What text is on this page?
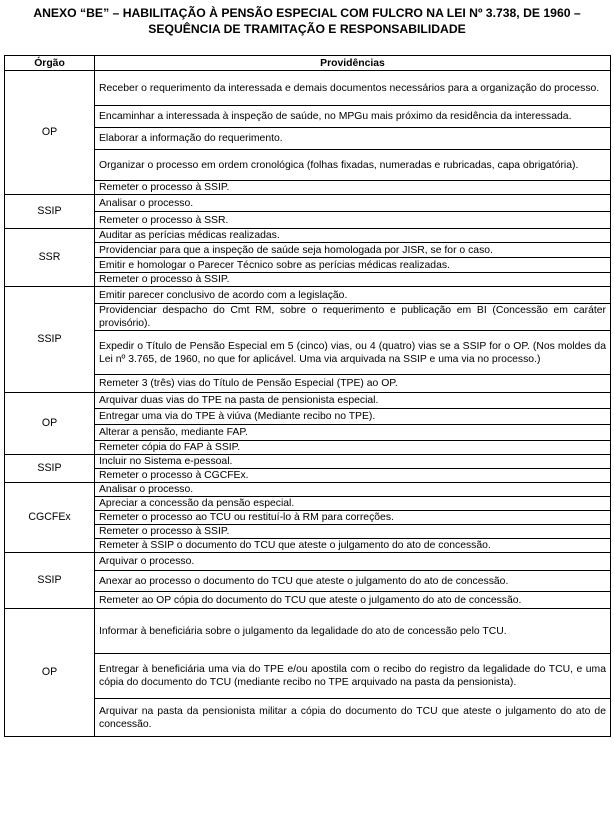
ANEXO “BE” – HABILITAÇÃO À PENSÃO ESPECIAL COM FULCRO NA LEI Nº 3.738, DE 1960 –
SEQUÊNCIA DE TRAMITAÇÃO E RESPONSABILIDADE
Órgão	Providências
OP	Receber o requerimento da interessada e demais documentos necessários para a organização do processo.
	Encaminhar a interessada à inspeção de saúde, no MPGu mais próximo da residência da interessada.
	Elaborar a informação do requerimento.
	Organizar o processo em ordem cronológica (folhas fixadas, numeradas e rubricadas, capa obrigatória).
	Remeter o processo à SSIP.
SSIP	Analisar o processo.
	Remeter o processo à SSR.
SSR	Auditar as perícias médicas realizadas.
	Providenciar para que a inspeção de saúde seja homologada por JISR, se for o caso.
	Emitir e homologar o Parecer Técnico sobre as perícias médicas realizadas.
	Remeter o processo à SSIP.
SSIP	Emitir parecer conclusivo de acordo com a legislação.
	Providenciar despacho do Cmt RM, sobre o requerimento e publicação em BI (Concessão em caráter provisório).
	Expedir o Título de Pensão Especial em 5 (cinco) vias, ou 4 (quatro) vias se a SSIP for o OP. (Nos moldes da Lei nº 3.765, de 1960, no que for aplicável. Uma via arquivada na SSIP e uma via no processo.)
	Remeter 3 (três) vias do Título de Pensão Especial (TPE) ao OP.
OP	Arquivar duas vias do TPE na pasta de pensionista especial.
	Entregar uma via do TPE à viúva (Mediante recibo no TPE).
	Alterar a pensão, mediante FAP.
	Remeter cópia do FAP à SSIP.
SSIP	Incluir no Sistema e-pessoal.
	Remeter o processo à CGCFEx.
CGCFEx	Analisar o processo.
	Apreciar a concessão da pensão especial.
	Remeter o processo ao TCU ou restituí-lo à RM para correções.
	Remeter o processo à SSIP.
	Remeter à SSIP o documento do TCU que ateste o julgamento do ato de concessão.
SSIP	Arquivar o processo.
	Anexar ao processo o documento do TCU que ateste o julgamento do ato de concessão.
	Remeter ao OP cópia do documento do TCU que ateste o julgamento do ato de concessão.
OP	Informar à beneficiária sobre o julgamento da legalidade do ato de concessão pelo TCU.
	Entregar à beneficiária uma via do TPE e/ou apostila com o recibo do registro da legalidade do TCU, e uma cópia do documento do TCU (mediante recibo no TPE arquivado na pasta da pensionista).
	Arquivar na pasta da pensionista militar a cópia do documento do TCU que ateste o julgamento do ato de concessão.
